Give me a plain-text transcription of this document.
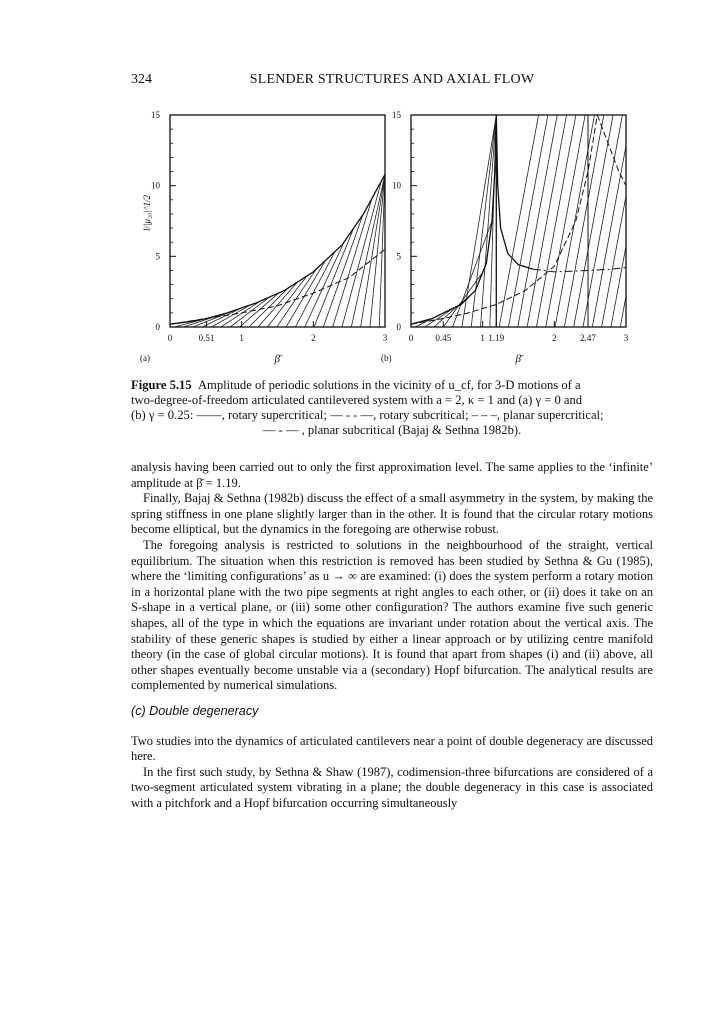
324	SLENDER STRUCTURES AND AXIAL FLOW
0
5
10
15
0	0.51	1	2	3
(a)	β̄
l/|μ₂₀|^1/2
0
5
10
15
0 0.45	1 1.19	2	2.47	3
(b)	β̄
Figure 5.15 Amplitude of periodic solutions in the vicinity of u_cf, for 3-D motions of a
two-degree-of-freedom articulated cantilevered system with a = 2, κ = 1 and (a) γ = 0 and
(b) γ = 0.25: ——, rotary supercritical; — - - —, rotary subcritical; – – –, planar supercritical;
— - — , planar subcritical (Bajaj & Sethna 1982b).

analysis having been carried out to only the first approximation level. The same applies to the ‘infinite’ amplitude at β̄ = 1.19.

Finally, Bajaj & Sethna (1982b) discuss the effect of a small asymmetry in the system, by making the spring stiffness in one plane slightly larger than in the other. It is found that the circular rotary motions become elliptical, but the dynamics in the foregoing are otherwise robust.

The foregoing analysis is restricted to solutions in the neighbourhood of the straight, vertical equilibrium. The situation when this restriction is removed has been studied by Sethna & Gu (1985), where the ‘limiting configurations’ as u → ∞ are examined: (i) does the system perform a rotary motion in a horizontal plane with the two pipe segments at right angles to each other, or (ii) does it take on an S-shape in a vertical plane, or (iii) some other configuration? The authors examine five such generic shapes, all of the type in which the equations are invariant under rotation about the vertical axis. The stability of these generic shapes is studied by either a linear approach or by utilizing centre manifold theory (in the case of global circular motions). It is found that apart from shapes (i) and (ii) above, all other shapes eventually become unstable via a (secondary) Hopf bifurcation. The analytical results are complemented by numerical simulations.

(c) Double degeneracy

Two studies into the dynamics of articulated cantilevers near a point of double degeneracy are discussed here.

In the first such study, by Sethna & Shaw (1987), codimension-three bifurcations are considered of a two-segment articulated system vibrating in a plane; the double degeneracy in this case is associated with a pitchfork and a Hopf bifurcation occurring simultaneously
